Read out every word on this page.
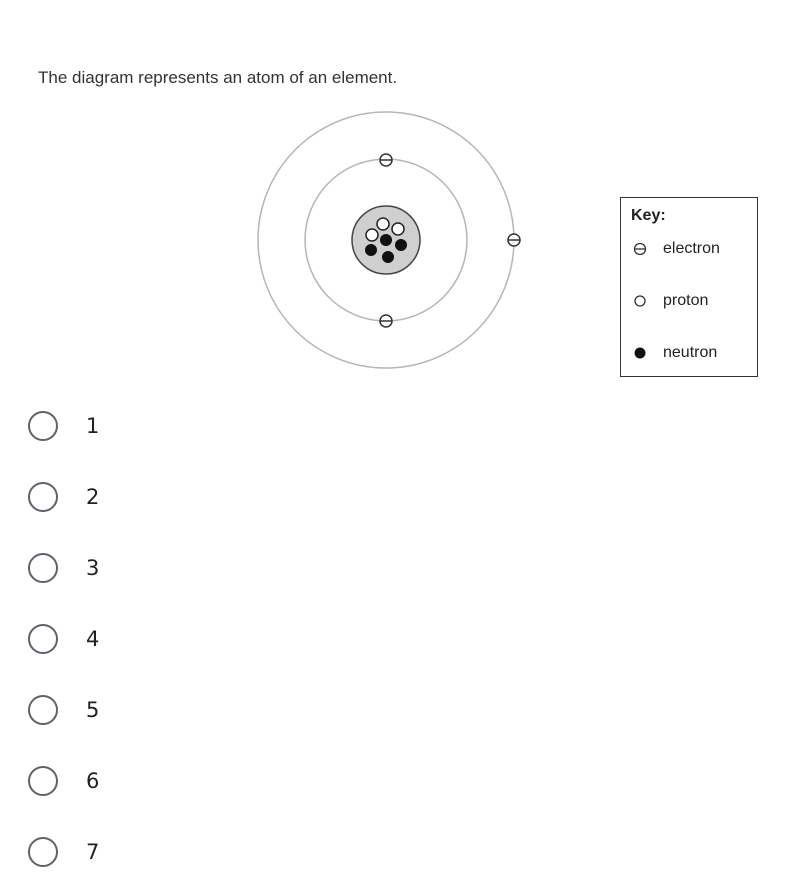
The diagram represents an atom of an element.
Key:
electron
proton
neutron
1
2
3
4
5
6
7
